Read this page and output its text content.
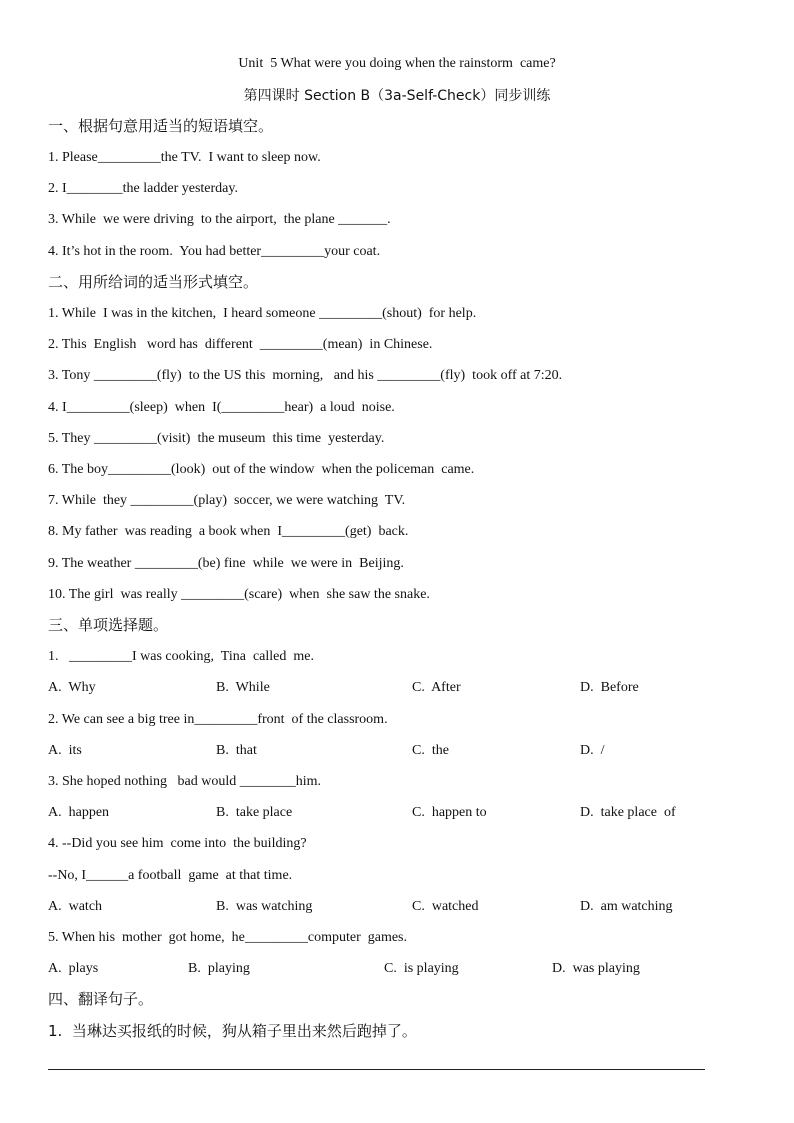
Unit  5 What were you doing when the rainstorm  came?
第四课时 Section B（3a-Self-Check）同步训练
一、根据句意用适当的短语填空。
1. Please_________the TV.  I want to sleep now.
2. I________the ladder yesterday.
3. While  we were driving  to the airport,  the plane _______.
4. It’s hot in the room.  You had better_________your coat.
二、用所给词的适当形式填空。
1. While  I was in the kitchen,  I heard someone _________(shout)  for help.
2. This  English   word has  different  _________(mean)  in Chinese.
3. Tony _________(fly)  to the US this  morning,   and his _________(fly)  took off at 7:20.
4. I_________(sleep)  when  I(_________hear)  a loud  noise.
5. They _________(visit)  the museum  this time  yesterday.
6. The boy_________(look)  out of the window  when the policeman  came.
7. While  they _________(play)  soccer, we were watching  TV.
8. My father  was reading  a book when  I_________(get)  back.
9. The weather _________(be) fine  while  we were in  Beijing.
10. The girl  was really _________(scare)  when  she saw the snake.
三、单项选择题。
1.   _________I was cooking,  Tina  called  me.
A.  Why	B.  While	C.  After	D.  Before
2. We can see a big tree in_________front  of the classroom.
A.  its	B.  that	C.  the	D.  /
3. She hoped nothing   bad would ________him.
A.  happen	B.  take place	C.  happen to	D.  take place  of
4. --Did you see him  come into  the building?
--No, I______a football  game  at that time.
A.  watch	B.  was watching	C.  watched	D.  am watching
5. When his  mother  got home,  he_________computer  games.
A.  plays	B.  playing	C.  is playing	D.  was playing
四、翻译句子。
1.  当琳达买报纸的时候，狗从箱子里出来然后跑掉了。
